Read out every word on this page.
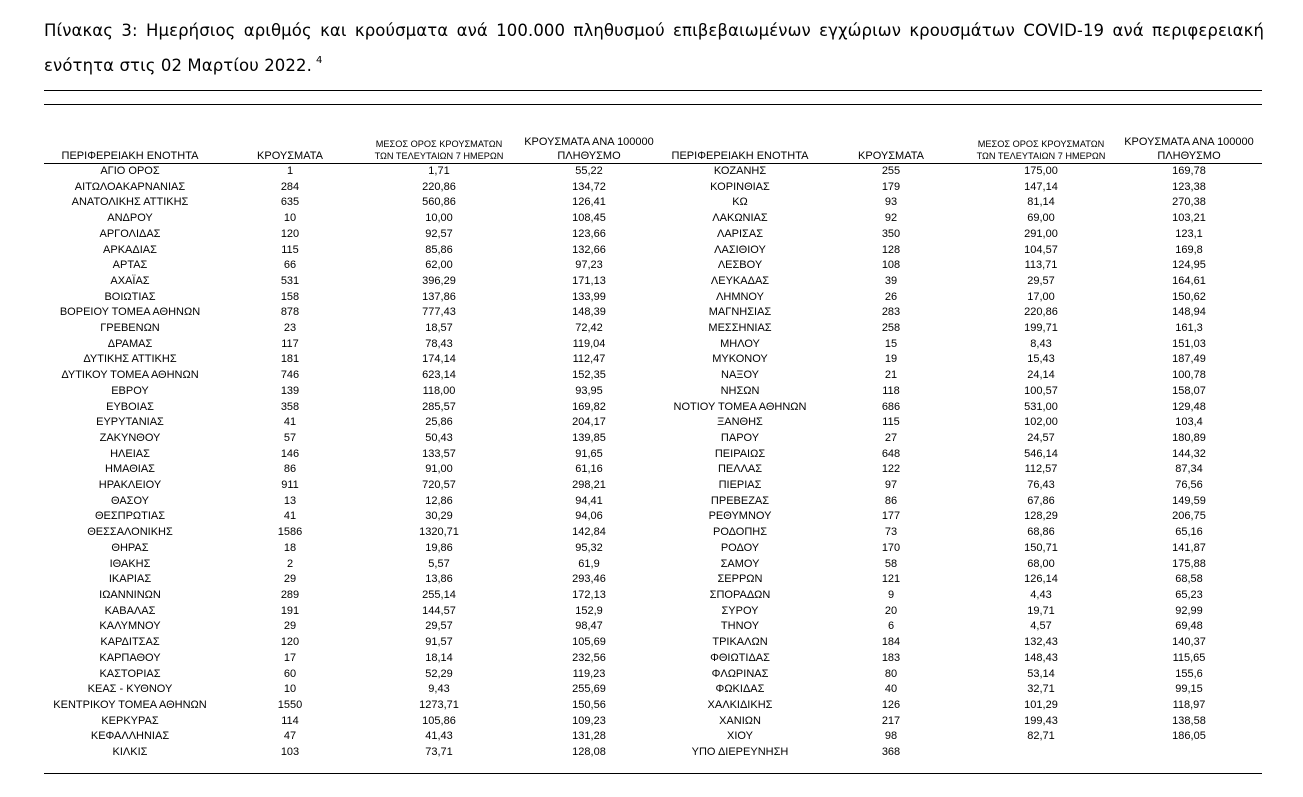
Πίνακας 3: Ημερήσιος αριθμός και κρούσματα ανά 100.000 πληθυσμού επιβεβαιωμένων εγχώριων κρουσμάτων COVID-19 ανά περιφερειακή ενότητα στις 02 Μαρτίου 2022. $^4$
ΠΕΡΙΦΕΡΕΙΑΚΗ ΕΝΟΤΗΤΑ	ΚΡΟΥΣΜΑΤΑ	ΜΕΣΟΣ ΟΡΟΣ ΚΡΟΥΣΜΑΤΩΝ
ΤΩΝ ΤΕΛΕΥΤΑΙΩΝ 7 ΗΜΕΡΩΝ	ΚΡΟΥΣΜΑΤΑ ΑΝΑ 100000
ΠΛΗΘΥΣΜΟ	ΠΕΡΙΦΕΡΕΙΑΚΗ ΕΝΟΤΗΤΑ	ΚΡΟΥΣΜΑΤΑ	ΜΕΣΟΣ ΟΡΟΣ ΚΡΟΥΣΜΑΤΩΝ
ΤΩΝ ΤΕΛΕΥΤΑΙΩΝ 7 ΗΜΕΡΩΝ	ΚΡΟΥΣΜΑΤΑ ΑΝΑ 100000
ΠΛΗΘΥΣΜΟ

ΑΓΙΟ ΟΡΟΣ	1	1,71	55,22	ΚΟΖΑΝΗΣ	255	175,00	169,78
ΑΙΤΩΛΟΑΚΑΡΝΑΝΙΑΣ	284	220,86	134,72	ΚΟΡΙΝΘΙΑΣ	179	147,14	123,38
ΑΝΑΤΟΛΙΚΗΣ ΑΤΤΙΚΗΣ	635	560,86	126,41	ΚΩ	93	81,14	270,38
ΑΝΔΡΟΥ	10	10,00	108,45	ΛΑΚΩΝΙΑΣ	92	69,00	103,21
ΑΡΓΟΛΙΔΑΣ	120	92,57	123,66	ΛΑΡΙΣΑΣ	350	291,00	123,1
ΑΡΚΑΔΙΑΣ	115	85,86	132,66	ΛΑΣΙΘΙΟΥ	128	104,57	169,8
ΑΡΤΑΣ	66	62,00	97,23	ΛΕΣΒΟΥ	108	113,71	124,95
ΑΧΑΪΑΣ	531	396,29	171,13	ΛΕΥΚΑΔΑΣ	39	29,57	164,61
ΒΟΙΩΤΙΑΣ	158	137,86	133,99	ΛΗΜΝΟΥ	26	17,00	150,62
ΒΟΡΕΙΟΥ ΤΟΜΕΑ ΑΘΗΝΩΝ	878	777,43	148,39	ΜΑΓΝΗΣΙΑΣ	283	220,86	148,94
ΓΡΕΒΕΝΩΝ	23	18,57	72,42	ΜΕΣΣΗΝΙΑΣ	258	199,71	161,3
ΔΡΑΜΑΣ	117	78,43	119,04	ΜΗΛΟΥ	15	8,43	151,03
ΔΥΤΙΚΗΣ ΑΤΤΙΚΗΣ	181	174,14	112,47	ΜΥΚΟΝΟΥ	19	15,43	187,49
ΔΥΤΙΚΟΥ ΤΟΜΕΑ ΑΘΗΝΩΝ	746	623,14	152,35	ΝΑΞΟΥ	21	24,14	100,78
ΕΒΡΟΥ	139	118,00	93,95	ΝΗΣΩΝ	118	100,57	158,07
ΕΥΒΟΙΑΣ	358	285,57	169,82	ΝΟΤΙΟΥ ΤΟΜΕΑ ΑΘΗΝΩΝ	686	531,00	129,48
ΕΥΡΥΤΑΝΙΑΣ	41	25,86	204,17	ΞΑΝΘΗΣ	115	102,00	103,4
ΖΑΚΥΝΘΟΥ	57	50,43	139,85	ΠΑΡΟΥ	27	24,57	180,89
ΗΛΕΙΑΣ	146	133,57	91,65	ΠΕΙΡΑΙΩΣ	648	546,14	144,32
ΗΜΑΘΙΑΣ	86	91,00	61,16	ΠΕΛΛΑΣ	122	112,57	87,34
ΗΡΑΚΛΕΙΟΥ	911	720,57	298,21	ΠΙΕΡΙΑΣ	97	76,43	76,56
ΘΑΣΟΥ	13	12,86	94,41	ΠΡΕΒΕΖΑΣ	86	67,86	149,59
ΘΕΣΠΡΩΤΙΑΣ	41	30,29	94,06	ΡΕΘΥΜΝΟΥ	177	128,29	206,75
ΘΕΣΣΑΛΟΝΙΚΗΣ	1586	1320,71	142,84	ΡΟΔΟΠΗΣ	73	68,86	65,16
ΘΗΡΑΣ	18	19,86	95,32	ΡΟΔΟΥ	170	150,71	141,87
ΙΘΑΚΗΣ	2	5,57	61,9	ΣΑΜΟΥ	58	68,00	175,88
ΙΚΑΡΙΑΣ	29	13,86	293,46	ΣΕΡΡΩΝ	121	126,14	68,58
ΙΩΑΝΝΙΝΩΝ	289	255,14	172,13	ΣΠΟΡΑΔΩΝ	9	4,43	65,23
ΚΑΒΑΛΑΣ	191	144,57	152,9	ΣΥΡΟΥ	20	19,71	92,99
ΚΑΛΥΜΝΟΥ	29	29,57	98,47	ΤΗΝΟΥ	6	4,57	69,48
ΚΑΡΔΙΤΣΑΣ	120	91,57	105,69	ΤΡΙΚΑΛΩΝ	184	132,43	140,37
ΚΑΡΠΑΘΟΥ	17	18,14	232,56	ΦΘΙΩΤΙΔΑΣ	183	148,43	115,65
ΚΑΣΤΟΡΙΑΣ	60	52,29	119,23	ΦΛΩΡΙΝΑΣ	80	53,14	155,6
ΚΕΑΣ - ΚΥΘΝΟΥ	10	9,43	255,69	ΦΩΚΙΔΑΣ	40	32,71	99,15
ΚΕΝΤΡΙΚΟΥ ΤΟΜΕΑ ΑΘΗΝΩΝ	1550	1273,71	150,56	ΧΑΛΚΙΔΙΚΗΣ	126	101,29	118,97
ΚΕΡΚΥΡΑΣ	114	105,86	109,23	ΧΑΝΙΩΝ	217	199,43	138,58
ΚΕΦΑΛΛΗΝΙΑΣ	47	41,43	131,28	ΧΙΟΥ	98	82,71	186,05
ΚΙΛΚΙΣ	103	73,71	128,08	ΥΠΟ ΔΙΕΡΕΥΝΗΣΗ	368		
